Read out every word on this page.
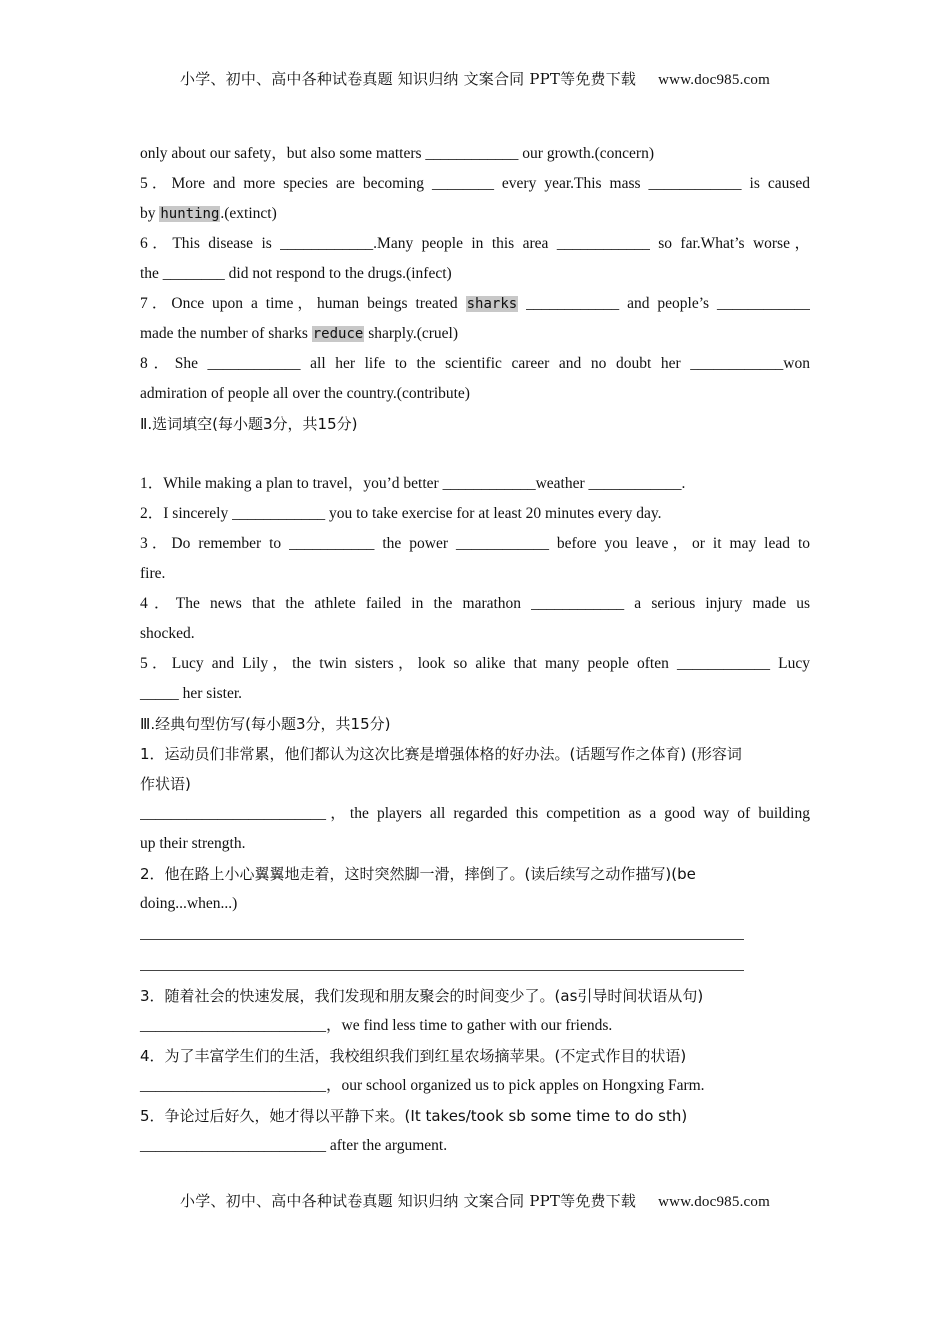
小学、初中、高中各种试卷真题 知识归纳 文案合同 PPT等免费下载 www.doc985.com
only about our safety，but also some matters ____________ our growth.(concern)
5．More and more species are becoming ________ every year.This mass ____________ is caused
by hunting.(extinct)
6．This disease is ____________.Many people in this area ____________ so far.What’s worse，
the ________ did not respond to the drugs.(infect)
7．Once upon a time，human beings treated sharks ____________ and people’s ____________
made the number of sharks reduce sharply.(cruel)
8．She ____________ all her life to the scientific career and no doubt her ____________won
admiration of people all over the country.(contribute)
Ⅱ.选词填空(每小题3分，共15分)
1．While making a plan to travel，you’d better ____________weather ____________.
2．I sincerely ____________ you to take exercise for at least 20 minutes every day.
3．Do remember to ___________ the power ____________ before you leave，or it may lead to
fire.
4．The news that the athlete failed in the marathon ____________ a serious injury made us
shocked.
5．Lucy and Lily，the twin sisters，look so alike that many people often ____________ Lucy
_____ her sister.
Ⅲ.经典句型仿写(每小题3分，共15分)
1．运动员们非常累，他们都认为这次比赛是增强体格的好办法。(话题写作之体育) (形容词
作状语)
________________________，the players all regarded this competition as a good way of building
up their strength.
2．他在路上小心翼翼地走着，这时突然脚一滑，摔倒了。(读后续写之动作描写)(be
doing...when...)
3．随着社会的快速发展，我们发现和朋友聚会的时间变少了。(as引导时间状语从句)
________________________，we find less time to gather with our friends.
4．为了丰富学生们的生活，我校组织我们到红星农场摘苹果。(不定式作目的状语)
________________________，our school organized us to pick apples on Hongxing Farm.
5．争论过后好久，她才得以平静下来。(It takes/took sb some time to do sth)
________________________ after the argument.
小学、初中、高中各种试卷真题 知识归纳 文案合同 PPT等免费下载 www.doc985.com
